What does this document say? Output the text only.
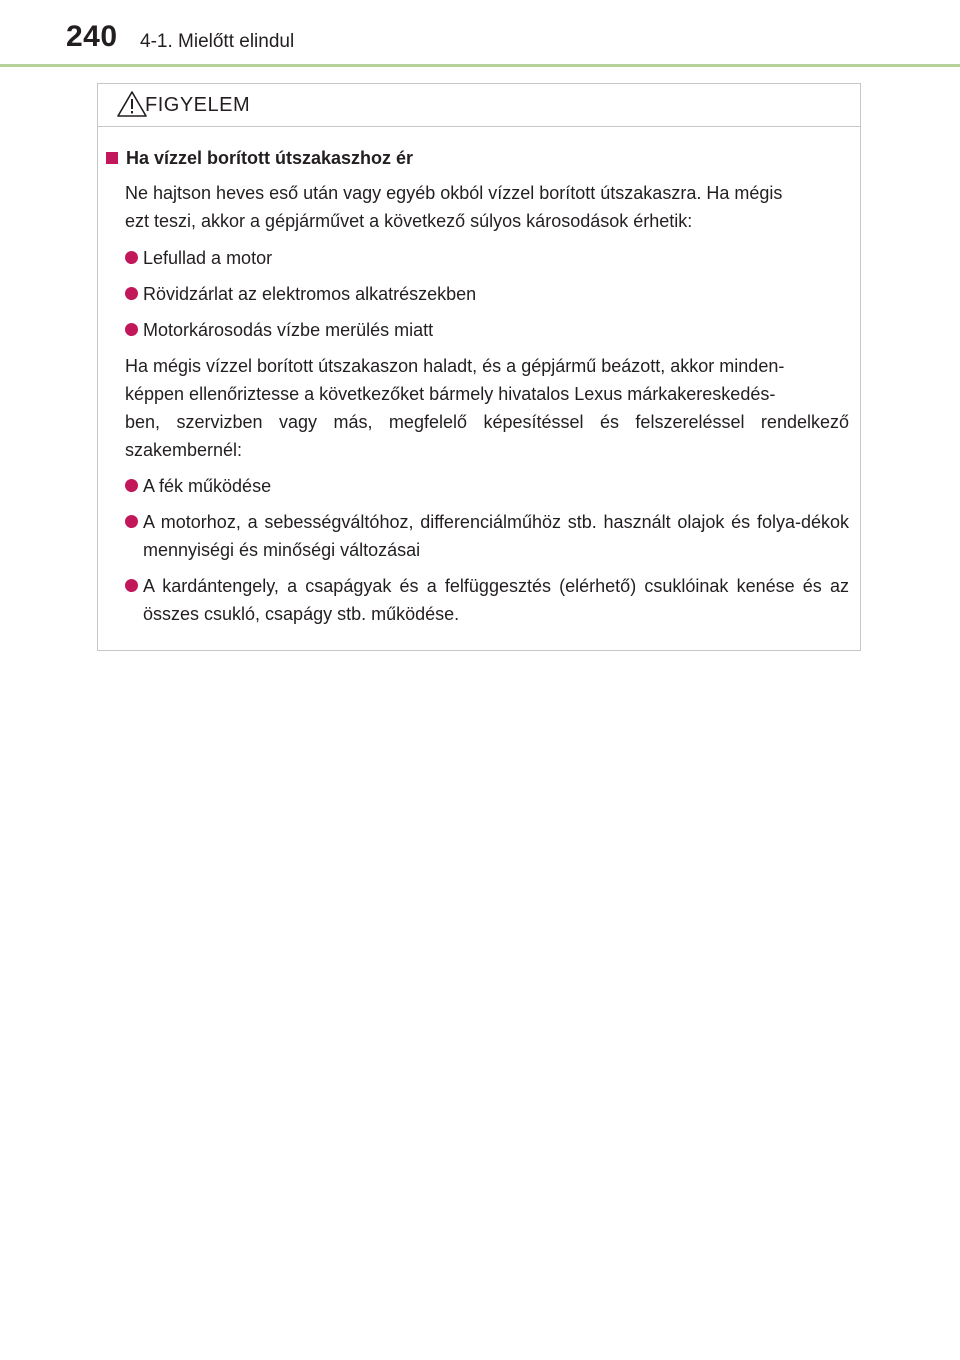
240 4-1. Mielőtt elindul
FIGYELEM
Ha vízzel borított útszakaszhoz ér
Ne hajtson heves eső után vagy egyéb okból vízzel borított útszakaszra. Ha mégis
ezt teszi, akkor a gépjárművet a következő súlyos károsodások érhetik:
Lefullad a motor
Rövidzárlat az elektromos alkatrészekben
Motorkárosodás vízbe merülés miatt
Ha mégis vízzel borított útszakaszon haladt, és a gépjármű beázott, akkor minden-
képpen ellenőriztesse a következőket bármely hivatalos Lexus márkakereskedés-
ben, szervizben vagy más, megfelelő képesítéssel és felszereléssel rendelkező
szakembernél:
A fék működése
A motorhoz, a sebességváltóhoz, differenciálműhöz stb. használt olajok és folya-dékok mennyiségi és minőségi változásai
A kardántengely, a csapágyak és a felfüggesztés (elérhető) csuklóinak kenése és az összes csukló, csapágy stb. működése.
